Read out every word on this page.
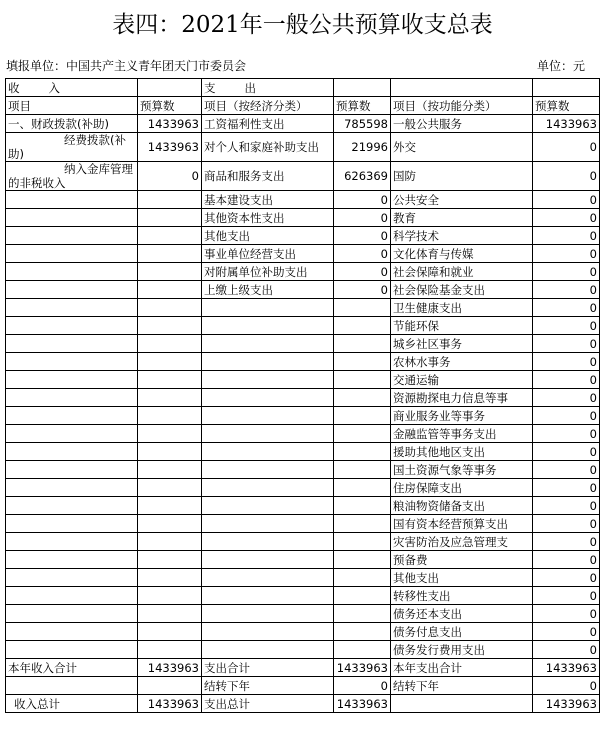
表四：2021年一般公共预算收支总表
填报单位：中国共产主义青年团天门市委员会	单位：元
收　　入		支　　出			
项目	预算数	项目（按经济分类）	预算数	项目（按功能分类）	预算数
一、财政拨款(补助)	1433963	工资福利性支出	785598	一般公共服务	1433963
经费拨款(补助)	1433963	对个人和家庭补助支出	21996	外交	0
纳入金库管理的非税收入	0	商品和服务支出	626369	国防	0
		基本建设支出	0	公共安全	0
		其他资本性支出	0	教育	0
		其他支出	0	科学技术	0
		事业单位经营支出	0	文化体育与传媒	0
		对附属单位补助支出	0	社会保障和就业	0
		上缴上级支出	0	社会保险基金支出	0
				卫生健康支出	0
				节能环保	0
				城乡社区事务	0
				农林水事务	0
				交通运输	0
				资源勘探电力信息等事	0
				商业服务业等事务	0
				金融监管等事务支出	0
				援助其他地区支出	0
				国土资源气象等事务	0
				住房保障支出	0
				粮油物资储备支出	0
				国有资本经营预算支出	0
				灾害防治及应急管理支	0
				预备费	0
				其他支出	0
				转移性支出	0
				债务还本支出	0
				债务付息支出	0
				债务发行费用支出	0
本年收入合计	1433963	支出合计	1433963	本年支出合计	1433963
		结转下年	0	结转下年	0
收入总计	1433963	支出总计	1433963		1433963
